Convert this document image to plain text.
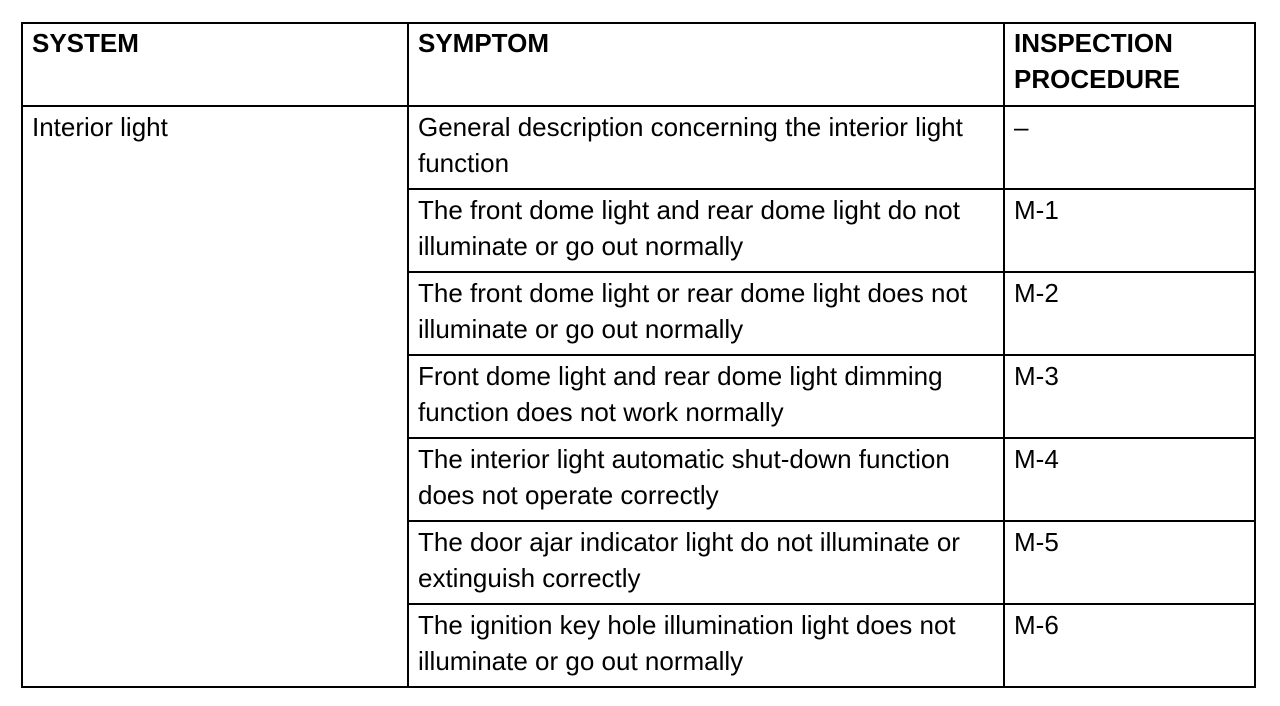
SYSTEM	SYMPTOM	INSPECTION PROCEDURE
Interior light	General description concerning the interior light function	–
	The front dome light and rear dome light do not illuminate or go out normally	M-1
	The front dome light or rear dome light does not illuminate or go out normally	M-2
	Front dome light and rear dome light dimming function does not work normally	M-3
	The interior light automatic shut-down function does not operate correctly	M-4
	The door ajar indicator light do not illuminate or extinguish correctly	M-5
	The ignition key hole illumination light does not illuminate or go out normally	M-6
